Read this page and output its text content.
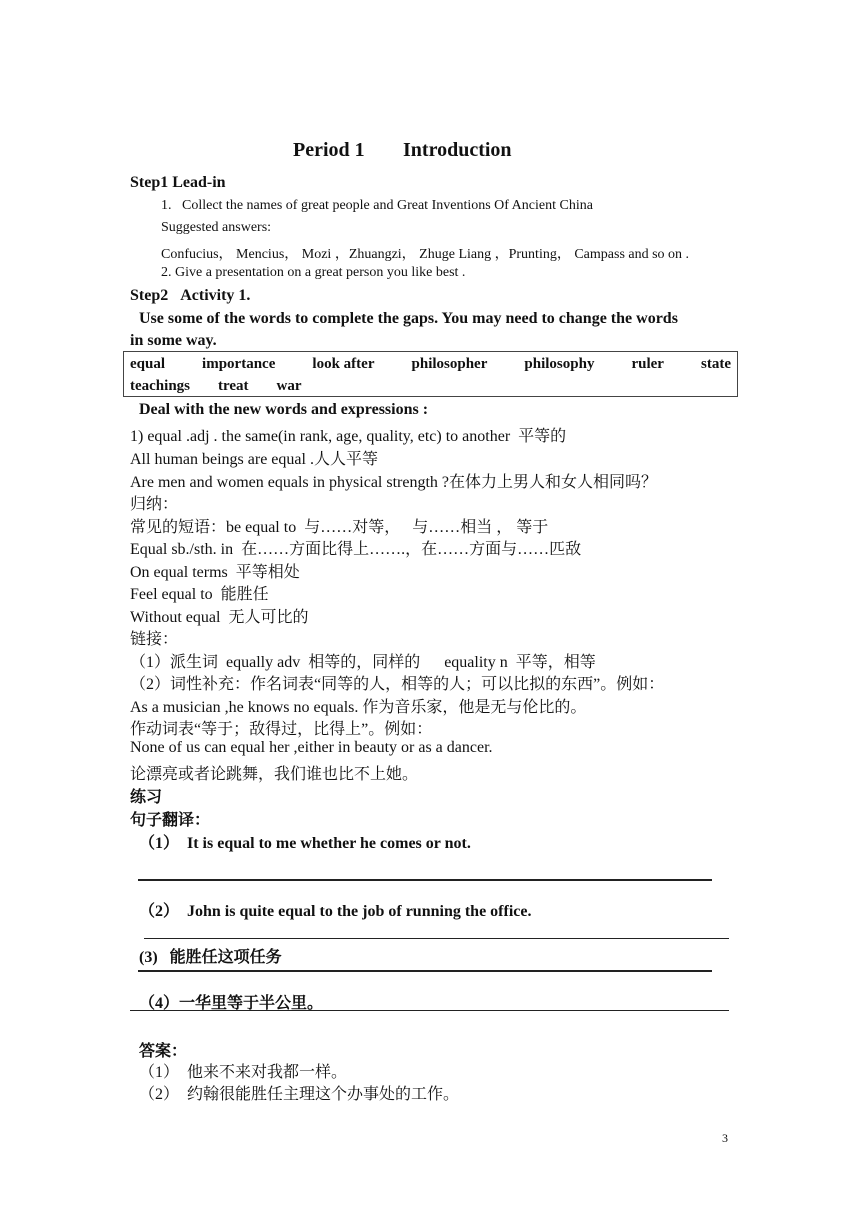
Period 1 Introduction
Step1 Lead-in
1.   Collect the names of great people and Great Inventions Of Ancient China
Suggested answers:
Confucius， Mencius， Mozi ，Zhuangzi， Zhuge Liang ，Prunting， Campass and so on .
2. Give a presentation on a great person you like best .
Step2   Activity 1.
Use some of the words to complete the gaps. You may need to change the words
in some way.
equal importance look after philosopher philosophy ruler state
teachings treat war
Deal with the new words and expressions :
1) equal .adj . the same(in rank, age, quality, etc) to another  平等的
All human beings are equal .人人平等
Are men and women equals in physical strength ?在体力上男人和女人相同吗？
归纳：
常见的短语：be equal to  与……对等，   与……相当 ， 等于
Equal sb./sth. in  在……方面比得上…….，在……方面与……匹敌
On equal terms  平等相处
Feel equal to  能胜任
Without equal  无人可比的
链接：
（1）派生词  equally adv  相等的，同样的      equality n  平等，相等
（2）词性补充：作名词表“同等的人，相等的人；可以比拟的东西”。例如：
As a musician ,he knows no equals. 作为音乐家，他是无与伦比的。
作动词表“等于；敌得过，比得上”。例如：
None of us can equal her ,either in beauty or as a dancer.
论漂亮或者论跳舞，我们谁也比不上她。
练习
句子翻译：
（1）  It is equal to me whether he comes or not.
（2）  John is quite equal to the job of running the office.
(3)   能胜任这项任务
（4）一华里等于半公里。
答案：
（1）  他来不来对我都一样。
（2）  约翰很能胜任主理这个办事处的工作。
3
